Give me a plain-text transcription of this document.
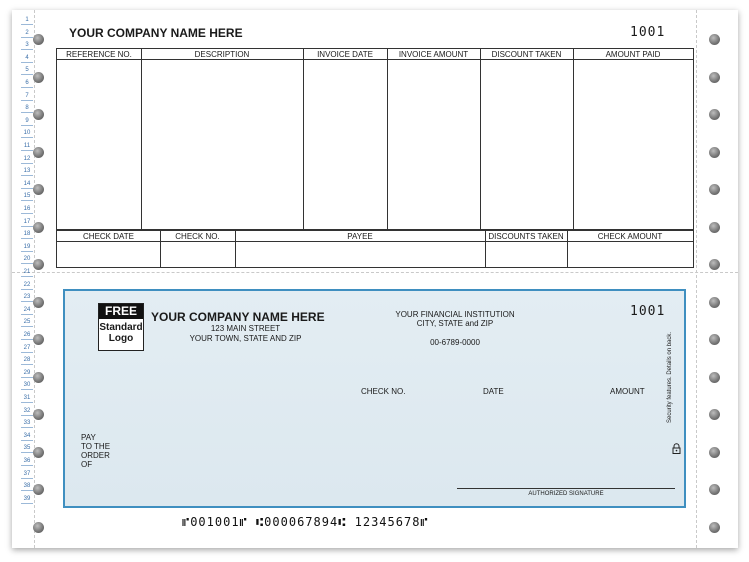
1
2
3
4
5
6
7
8
9
10
11
12
13
14
15
16
17
18
19
20
21
22
23
24
25
26
27
28
29
30
31
32
33
34
35
36
37
38
39
YOUR COMPANY NAME HERE	1001
REFERENCE NO.	DESCRIPTION	INVOICE DATE	INVOICE AMOUNT	DISCOUNT TAKEN	AMOUNT PAID
CHECK DATE	CHECK NO.	PAYEE	DISCOUNTS TAKEN	CHECK AMOUNT
FREE
Standard
Logo
YOUR COMPANY NAME HERE
123 MAIN STREET
YOUR TOWN, STATE AND ZIP
YOUR FINANCIAL INSTITUTION
CITY, STATE and ZIP
00-6789-0000
1001
CHECK NO.	DATE	AMOUNT
PAY
TO THE
ORDER
OF
AUTHORIZED SIGNATURE
Security features. Details on back.
⑈001001⑈ ⑆000067894⑆ 12345678⑈
